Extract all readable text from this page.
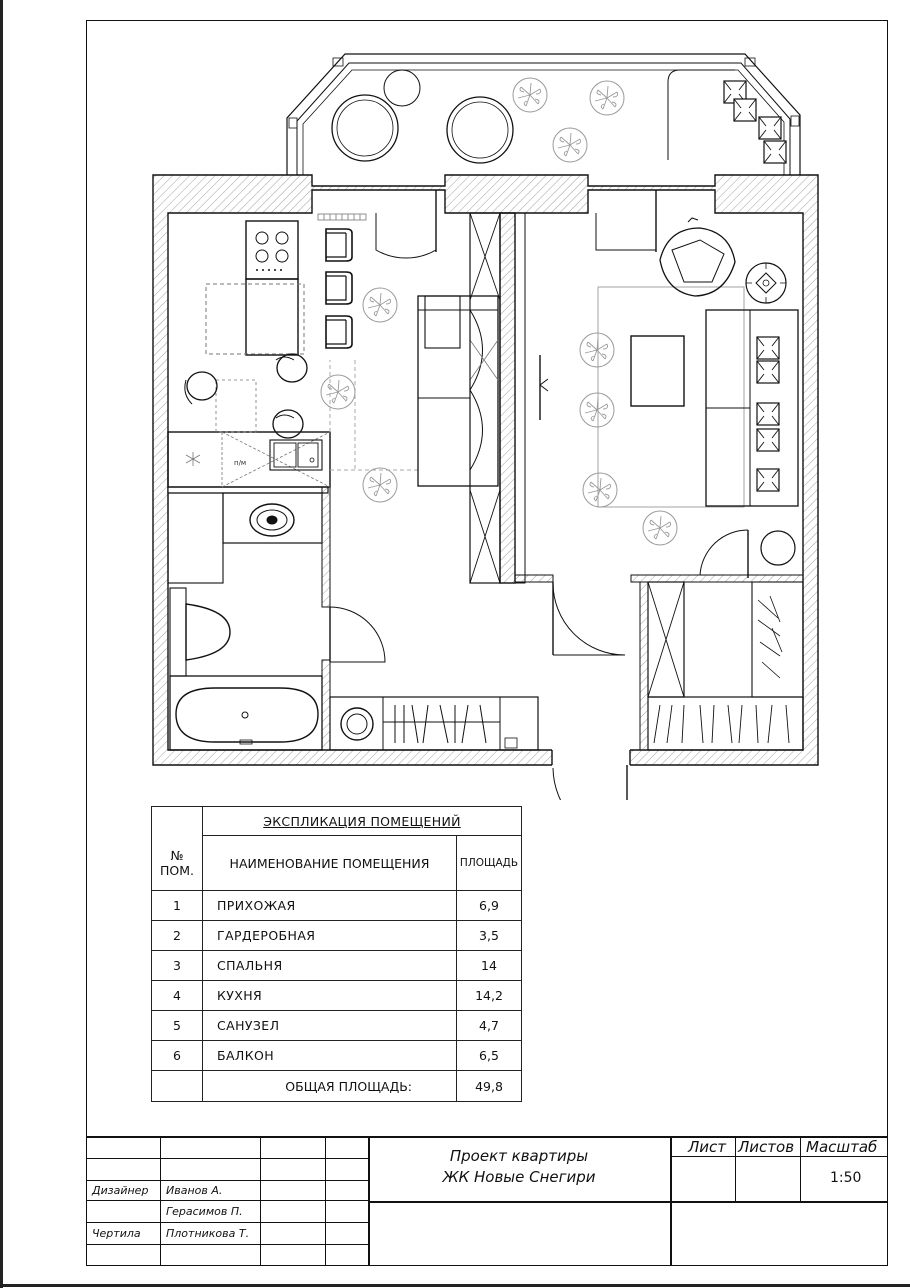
п/м
	ЭКСПЛИКАЦИЯ ПОМЕЩЕНИЙ	
№
ПОМ.	НАИМЕНОВАНИЕ ПОМЕЩЕНИЯ	ПЛОЩАДЬ
1	ПРИХОЖАЯ	6,9
2	ГАРДЕРОБНАЯ	3,5
3	СПАЛЬНЯ	14
4	КУХНЯ	14,2
5	САНУЗЕЛ	4,7
6	БАЛКОН	6,5
	ОБЩАЯ ПЛОЩАДЬ:	49,8
Проект квартиры
ЖК Новые Снегири
Лист Листов Масштаб
1:50
Дизайнер Иванов А.
Герасимов П.
Чертила Плотникова Т.
